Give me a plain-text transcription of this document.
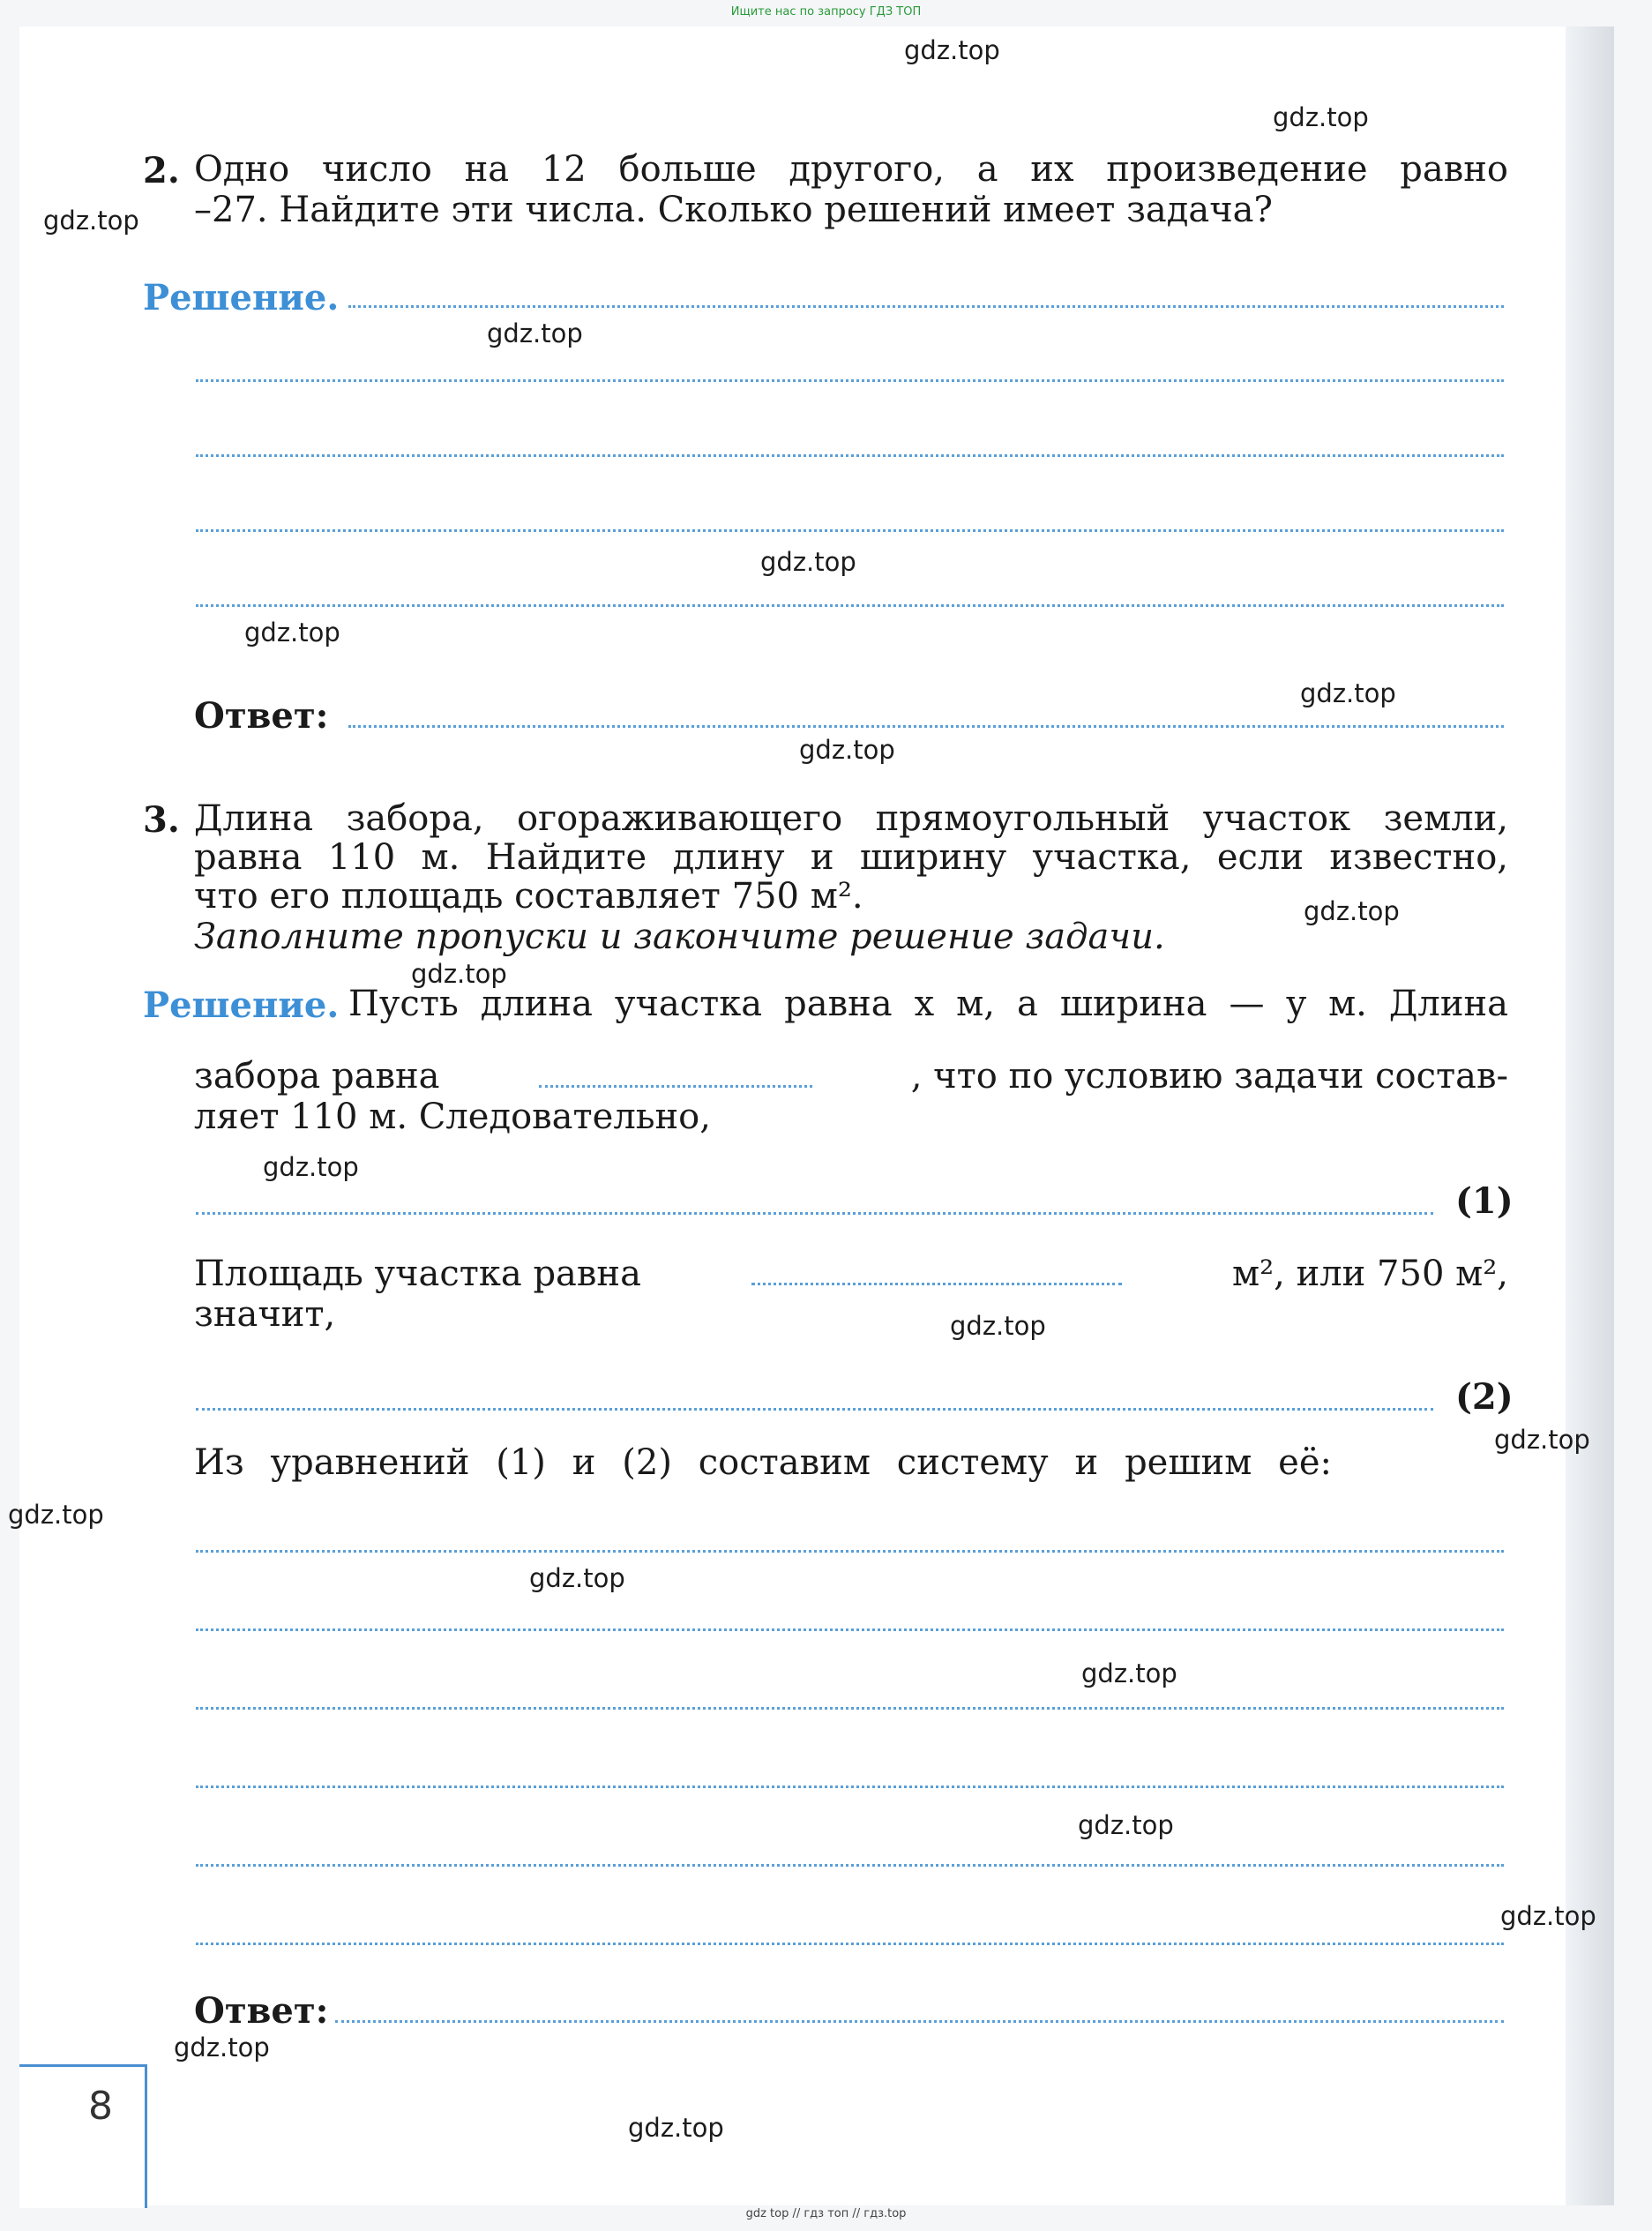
Ищите нас по запросу ГДЗ ТОП
2. Одно число на 12 больше другого, а их произведение равно
–27. Найдите эти числа. Сколько решений имеет задача?
Решение.
Ответ:
3. Длина забора, огораживающего прямоугольный участок земли,
равна 110 м. Найдите длину и ширину участка, если известно,
что его площадь составляет 750 м².
Заполните пропуски и закончите решение задачи.
Решение. Пусть длина участка равна x м, а ширина — y м. Длина
забора равна	, что по условию задачи состав-
ляет 110 м. Следовательно,
(1)
Площадь участка равна	м², или 750 м²,
значит,
(2)
Из уравнений (1) и (2) составим систему и решим её:
Ответ:
8
gdz.top
gdz.top
gdz.top
gdz.top
gdz.top
gdz.top
gdz.top
gdz.top
gdz.top
gdz.top
gdz.top
gdz.top
gdz.top
gdz.top
gdz.top
gdz.top
gdz.top
gdz.top
gdz.top
gdz.top
gdz top // гдз топ // гдз.top
